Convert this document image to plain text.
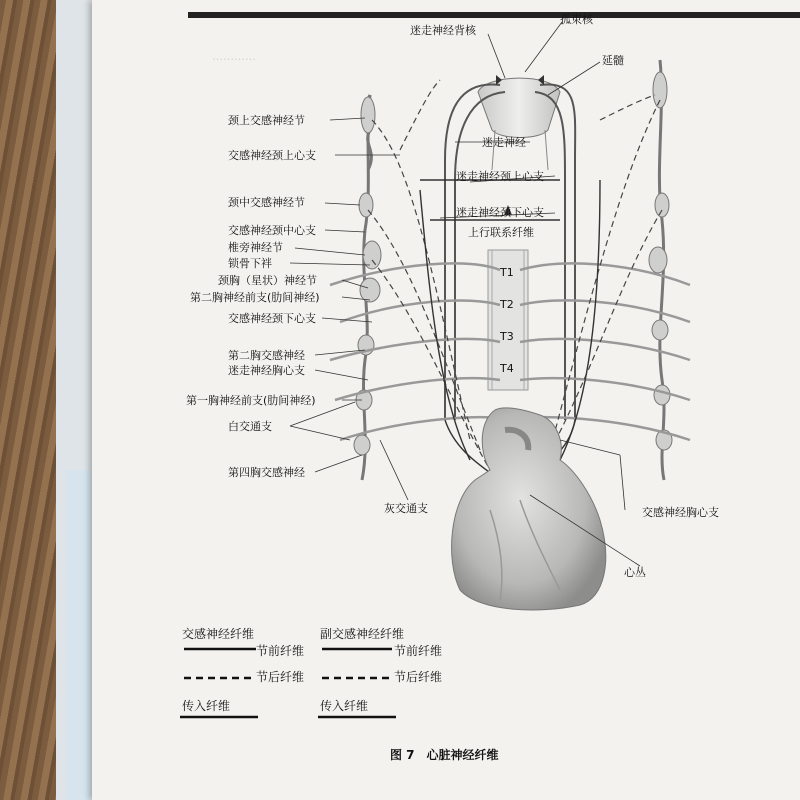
…………
迷走神经背核
孤束核
延髓
颈上交感神经节
交感神经颈上心支
颈中交感神经节
交感神经颈中心支
椎旁神经节
锁骨下袢
颈胸（星状）神经节
第二胸神经前支(肋间神经)
交感神经颈下心支
第二胸交感神经
迷走神经胸心支
第一胸神经前支(肋间神经)
白交通支
第四胸交感神经
灰交通支
迷走神经
迷走神经颈上心支
迷走神经颈下心支
上行联系纤维
T1
T2
T3
T4
交感神经胸心支
心丛
交感神经纤维	副交感神经纤维
节前纤维
节后纤维
节前纤维
节后纤维
传入纤维	传入纤维
图 7 心脏神经纤维
